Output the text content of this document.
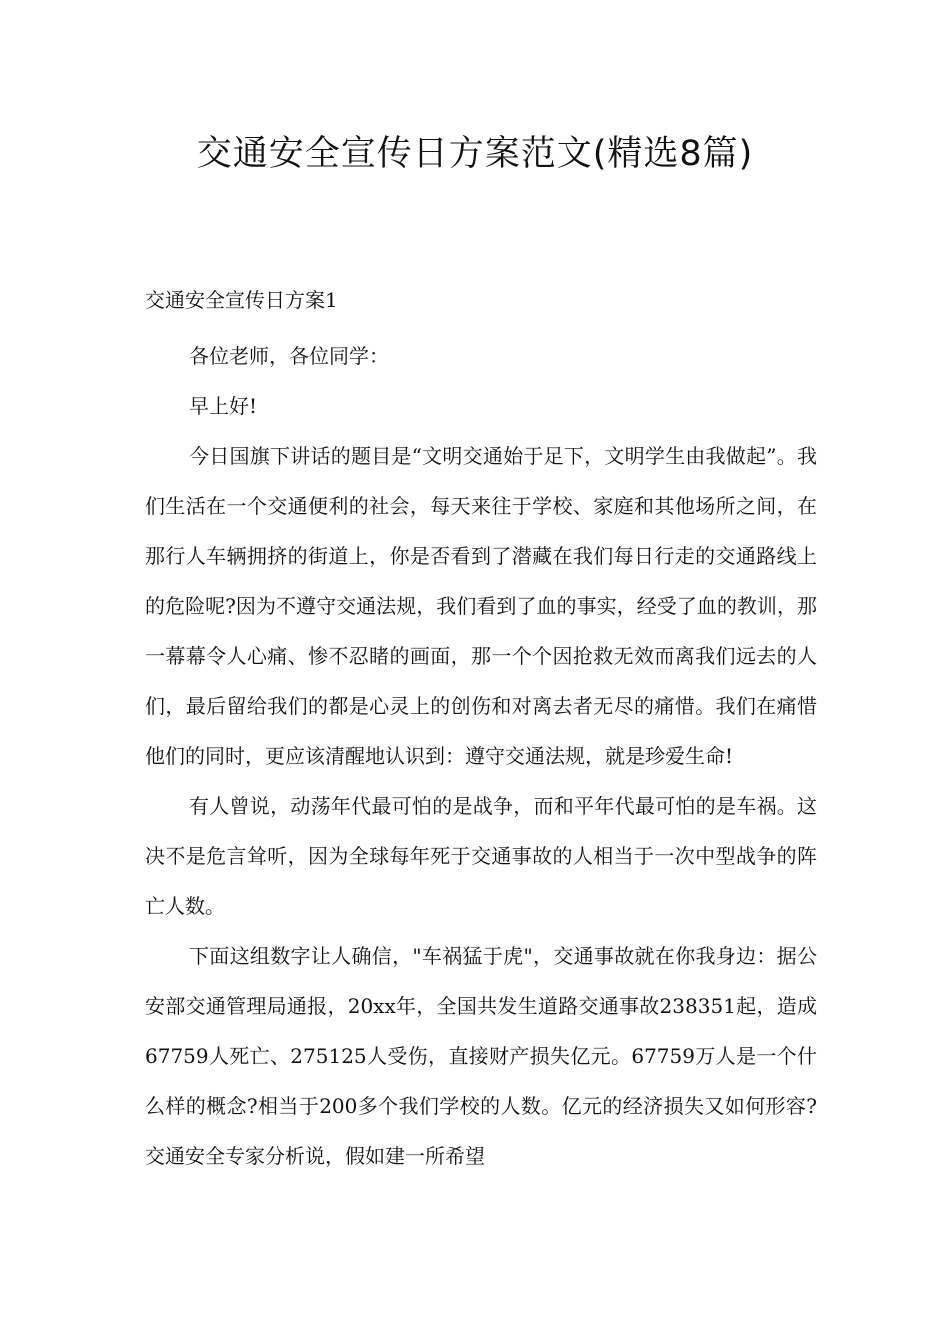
交通安全宣传日方案范文(精选8篇)
交通安全宣传日方案1

各位老师，各位同学：

早上好!

今日国旗下讲话的题目是“文明交通始于足下，文明学生由我做起”。我们生活在一个交通便利的社会，每天来往于学校、家庭和其他场所之间，在那行人车辆拥挤的街道上，你是否看到了潜藏在我们每日行走的交通路线上的危险呢?因为不遵守交通法规，我们看到了血的事实，经受了血的教训，那一幕幕令人心痛、惨不忍睹的画面，那一个个因抢救无效而离我们远去的人们，最后留给我们的都是心灵上的创伤和对离去者无尽的痛惜。我们在痛惜他们的同时，更应该清醒地认识到：遵守交通法规，就是珍爱生命!

有人曾说，动荡年代最可怕的是战争，而和平年代最可怕的是车祸。这决不是危言耸听，因为全球每年死于交通事故的人相当于一次中型战争的阵亡人数。

下面这组数字让人确信，"车祸猛于虎"，交通事故就在你我身边：据公安部交通管理局通报，20xx年，全国共发生道路交通事故238351起，造成67759人死亡、275125人受伤，直接财产损失亿元。67759万人是一个什么样的概念?相当于200多个我们学校的人数。亿元的经济损失又如何形容?交通安全专家分析说，假如建一所希望
